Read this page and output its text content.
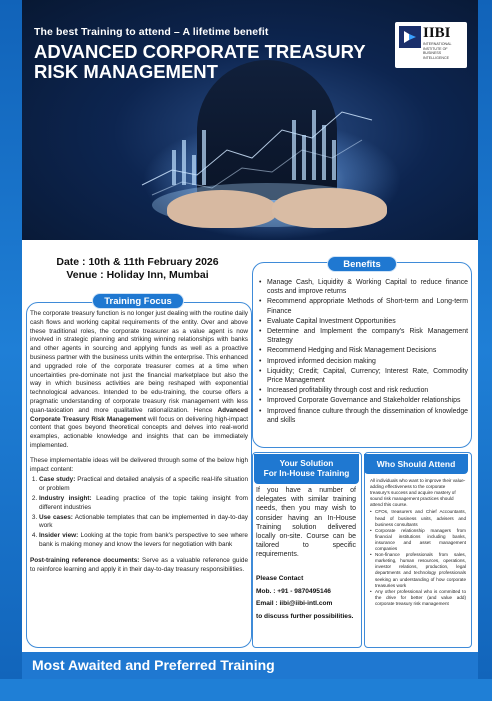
The best Training to attend – A lifetime benefit
ADVANCED CORPORATE TREASURY
RISK MANAGEMENT
IIBI
INTERNATIONAL INSTITUTE OF BUSINESS INTELLIGENCE
Date : 10th & 11th February 2026
Venue : Holiday Inn, Mumbai
Training Focus

The corporate treasury function is no longer just dealing with the routine daily cash flows and working capital requirements of the entity. Over and above these traditional roles, the corporate treasurer as a value agent is now involved in strategic planning and striking winning relationships with banks and other agents in sourcing and applying funds as well as a proactive business partner with the business units within the enterprise. This enhanced and upgraded role of the corporate treasurer comes at a time when uncertainties pre-dominate not just the financial marketplace but also the way in which business activities are being reshaped with exponential technological advances. Intended to be edu-training, the course offers a pragmatic understanding of corporate treasury risk management with less quan-taxication and more qualitative rationalization. Hence Advanced Corporate Treasury Risk Management will focus on delivering high-impact content that goes beyond theoretical concepts and delves into real-world examples, actionable knowledge and insights that can be immediately implemented.

These implementable ideas will be delivered through some of the below high impact content:

1. Case study: Practical and detailed analysis of a specific real-life situation or problem
2. Industry insight: Leading practice of the topic taking insight from different industries
3. Use cases: Actionable templates that can be implemented in day-to-day work
4. Insider view: Looking at the topic from bank's perspective to see where bank is making money and know the levers for negotiation with bank

Post-training reference documents: Serve as a valuable reference guide to reinforce learning and apply it in their day-to-day treasury responsibilities.

Benefits
• Manage Cash, Liquidity & Working Capital to reduce finance costs and improve returns
• Recommend appropriate Methods of Short-term and Long-term Finance
• Evaluate Capital Investment Opportunities
• Determine and Implement the company's Risk Management Strategy
• Recommend Hedging and Risk Management Decisions
• Improved informed decision making
• Liquidity; Credit; Capital, Currency; Interest Rate, Commodity Price Management
• Increased profitability through cost and risk reduction
• Improved Corporate Governance and Stakeholder relationships
• Improved finance culture through the dissemination of knowledge and skills
Your Solution
For In-House Training
If you have a number of delegates with similar training needs, then you may wish to consider having an In-House Training solution delivered locally on-site. Course can be tailored to specific requirements.
Please Contact
Mob. : +91 - 9870495146
Email : iibi@iibi-intl.com
to discuss further possibilities.
Who Should Attend
All individuals who want to improve their value-adding effectiveness to the corporate treasury's success and acquire mastery of sound risk management practices should attend this course.
• CFOs, treasurers and Chief Accountants, head of business units, advisers and business consultants
• Corporate relationship managers from financial institutions including banks, insurance and asset management companies
• Non-finance professionals from sales, marketing, human resources, operations, investor relations, production, legal departments and technology professionals seeking an understanding of how corporate treasuries work
• Any other professional who is committed to the drive for better (and value add) corporate treasury risk management
Most Awaited and Preferred Training
